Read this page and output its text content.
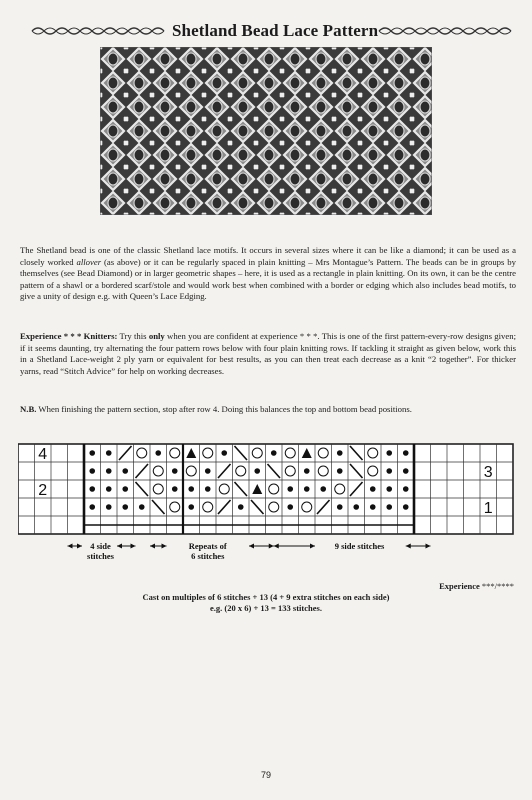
Shetland Bead Lace Pattern

The Shetland bead is one of the classic Shetland lace motifs. It occurs in several sizes where it can be like a diamond; it can be used as a closely worked allover (as above) or it can be regularly spaced in plain knitting – Mrs Montague’s Pattern. The beads can be in groups by themselves (see Bead Diamond) or in larger geometric shapes – here, it is used as a rectangle in plain knitting. On its own, it can be the centre pattern of a shawl or a bordered scarf/stole and would work best when combined with a border or edging which also includes bead motifs, to give a unity of design e.g. with Queen’s Lace Edging.

Experience * * * Knitters: Try this only when you are confident at experience * * *. This is one of the first pattern-every-row designs given; if it seems daunting, try alternating the four pattern rows below with four plain knitting rows. If tackling it straight as given below, work this in a Shetland Lace-weight 2 ply yarn or equivalent for best results, as you can then treat each decrease as a knit “2 together”. For thicker yarns, read “Stitch Advice” for help on working decreases.

N.B. When finishing the pattern section, stop after row 4. Doing this balances the top and bottom bead positions.

4
2
3
1
4 side
stitches
Repeats of
6 stitches
9 side stitches
Experience ***/****
Cast on multiples of 6 stitches + 13 (4 + 9 extra stitches on each side)
e.g. (20 x 6) + 13 = 133 stitches.
79
